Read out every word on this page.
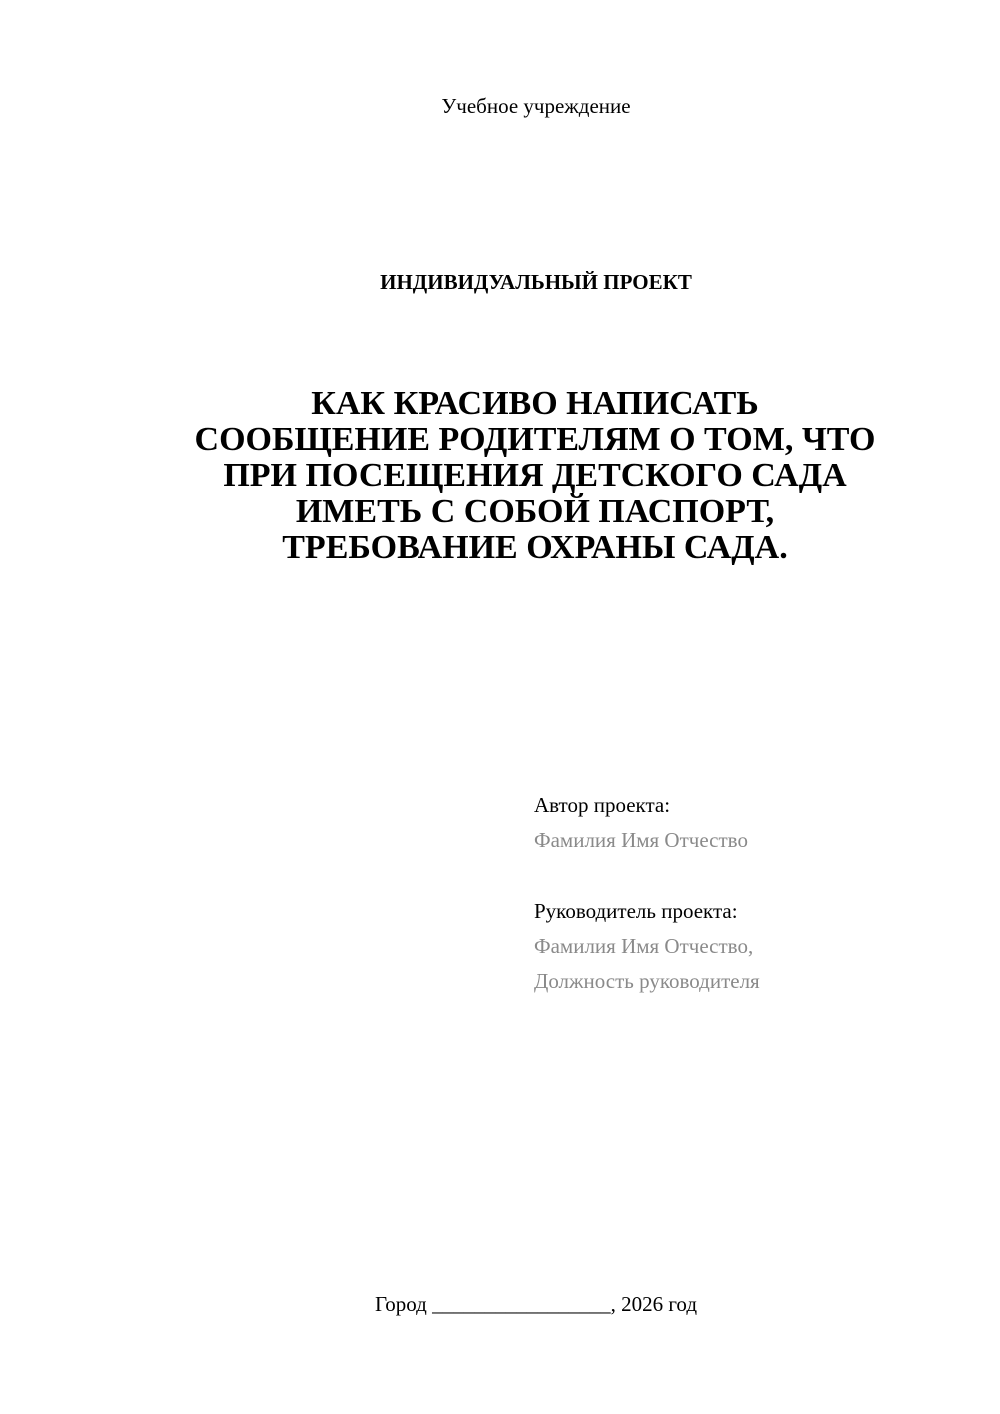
Учебное учреждение
ИНДИВИДУАЛЬНЫЙ ПРОЕКТ
КАК КРАСИВО НАПИСАТЬ
СООБЩЕНИЕ РОДИТЕЛЯМ О ТОМ, ЧТО
ПРИ ПОСЕЩЕНИЯ ДЕТСКОГО САДА
ИМЕТЬ С СОБОЙ ПАСПОРТ,
ТРЕБОВАНИЕ ОХРАНЫ САДА.
Автор проекта:
Фамилия Имя Отчество
Руководитель проекта:
Фамилия Имя Отчество,
Должность руководителя
Город _________________, 2026 год
